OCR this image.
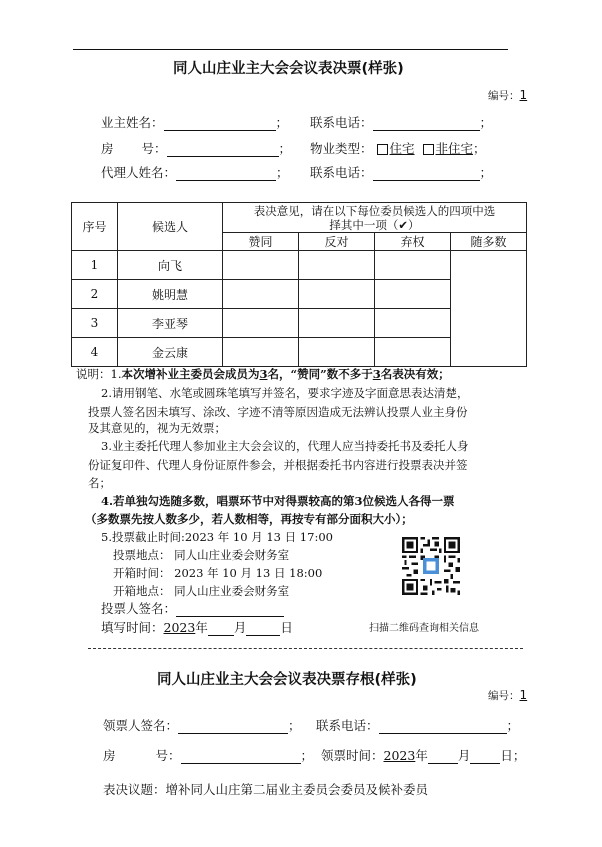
同人山庄业主大会会议表决票(样张)
编号：1
业主姓名：	； 联系电话：	；
房 号：	； 物业类型： 住宅 非住宅；
代理人姓名：	； 联系电话：	；
序号	候选人	表决意见，请在以下每位委员候选人的四项中选
择其中一项（✔）			

		赞同	反对	弃权	随多数
1	向飞				
2	姚明慧				
3	李亚琴				
4	金云康				
说明：1.本次增补业主委员会成员为3名，“赞同”数不多于3名表决有效；
2.请用钢笔、水笔或圆珠笔填写并签名，要求字迹及字面意思表达清楚，
投票人签名因未填写、涂改、字迹不清等原因造成无法辨认投票人业主身份
及其意见的，视为无效票；
3.业主委托代理人参加业主大会会议的，代理人应当持委托书及委托人身
份证复印件、代理人身份证原件参会，并根据委托书内容进行投票表决并签
名；
4.若单独勾选随多数，唱票环节中对得票较高的第3位候选人各得一票
（多数票先按人数多少，若人数相等，再按专有部分面积大小）；
5.投票截止时间:2023 年 10 月 13 日 17:00
投票地点： 同人山庄业委会财务室
开箱时间： 2023 年 10 月 13 日 18:00
开箱地点： 同人山庄业委会财务室
投票人签名：
填写时间：2023年 月	日	扫描二维码查询相关信息
同人山庄业主大会会议表决票存根(样张)
编号：1
领票人签名：	； 联系电话：	；
房	号：	； 领票时间：2023年 月 日；
表决议题：增补同人山庄第二届业主委员会委员及候补委员
